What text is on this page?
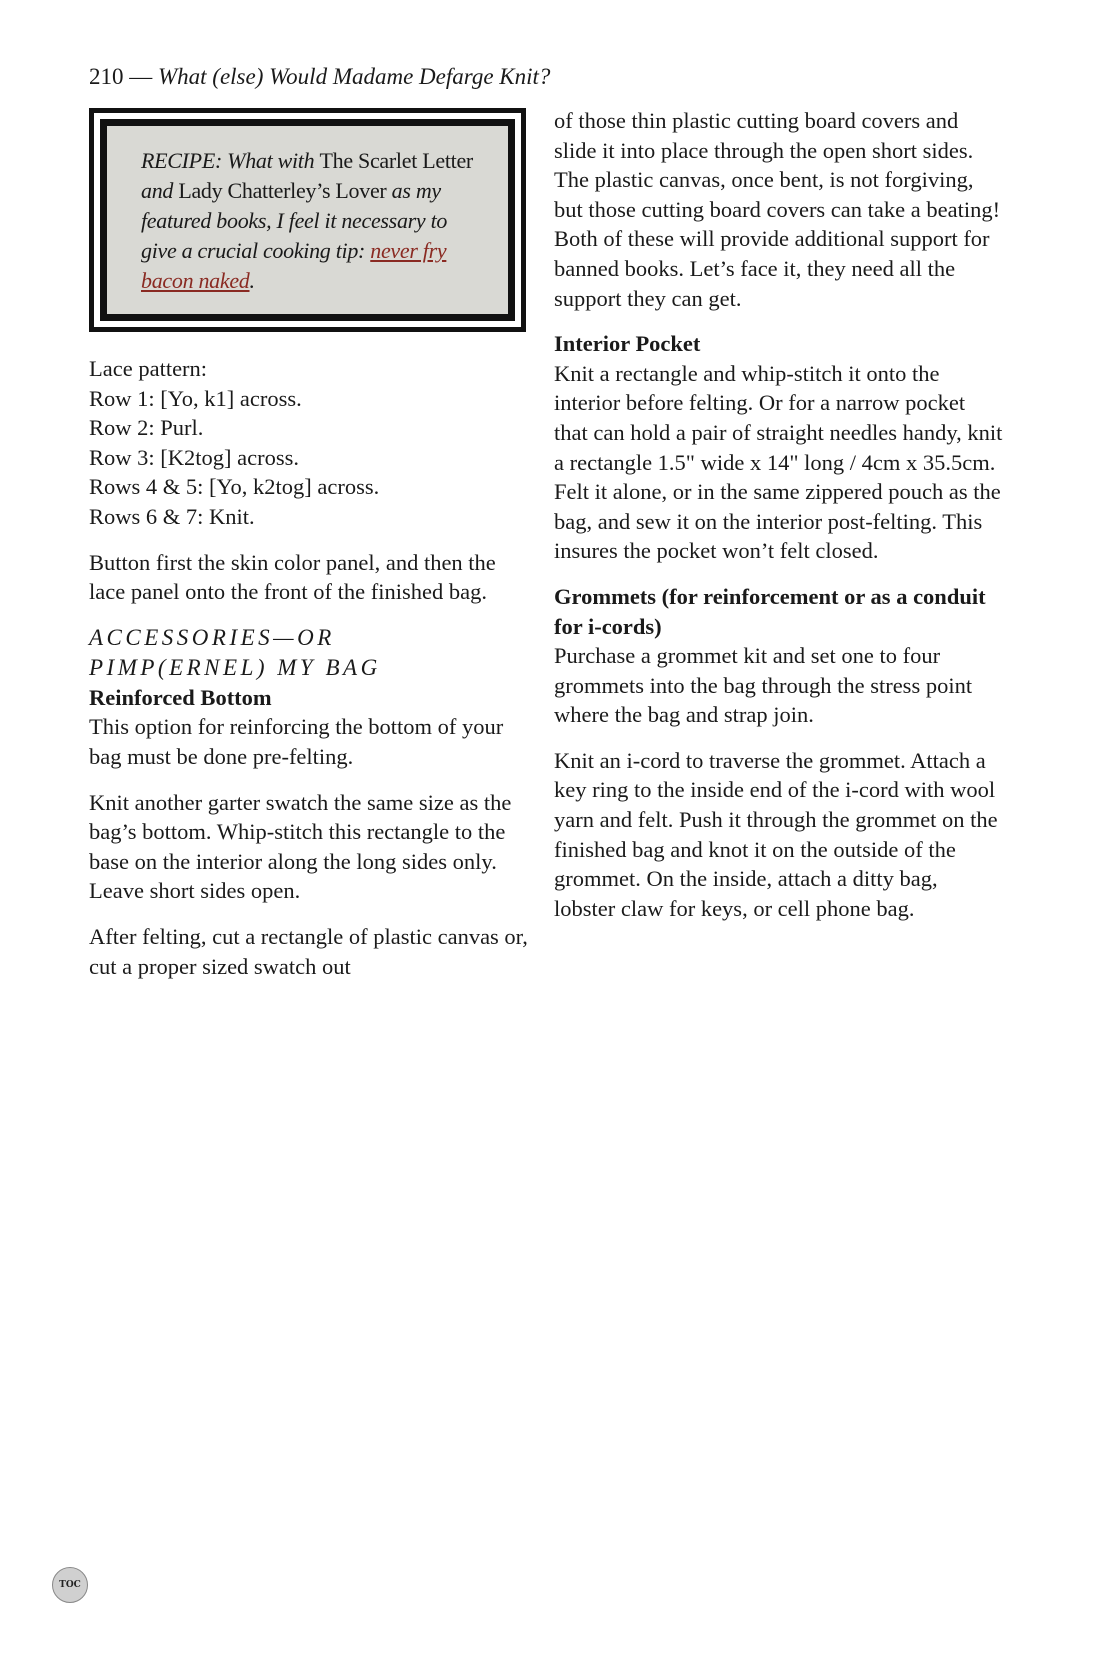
210 — What (else) Would Madame Defarge Knit?
RECIPE: What with The Scarlet Letter and Lady Chatterley’s Lover as my featured books, I feel it necessary to give a crucial cooking tip: never fry bacon naked.

Lace pattern:
Row 1: [Yo, k1] across.
Row 2: Purl.
Row 3: [K2tog] across.
Rows 4 & 5: [Yo, k2tog] across.
Rows 6 & 7: Knit.

Button first the skin color panel, and then the lace panel onto the front of the finished bag.

ACCESSORIES—OR
PIMP(ERNEL) MY BAG
Reinforced Bottom

This option for reinforcing the bottom of your bag must be done pre-felting.

Knit another garter swatch the same size as the bag’s bottom. Whip-stitch this rectangle to the base on the interior along the long sides only. Leave short sides open.

After felting, cut a rectangle of plastic canvas or, cut a proper sized swatch out

of those thin plastic cutting board covers and slide it into place through the open short sides. The plastic canvas, once bent, is not forgiving, but those cutting board covers can take a beating! Both of these will provide additional support for banned books. Let’s face it, they need all the support they can get.

Interior Pocket

Knit a rectangle and whip-stitch it onto the interior before felting. Or for a narrow pocket that can hold a pair of straight needles handy, knit a rectangle 1.5" wide x 14" long / 4cm x 35.5cm. Felt it alone, or in the same zippered pouch as the bag, and sew it on the interior post-felting. This insures the pocket won’t felt closed.

Grommets (for reinforcement or as a conduit for i-cords)

Purchase a grommet kit and set one to four grommets into the bag through the stress point where the bag and strap join.

Knit an i-cord to traverse the grommet. Attach a key ring to the inside end of the i-cord with wool yarn and felt. Push it through the grommet on the finished bag and knot it on the outside of the grommet. On the inside, attach a ditty bag, lobster claw for keys, or cell phone bag.

TOC
